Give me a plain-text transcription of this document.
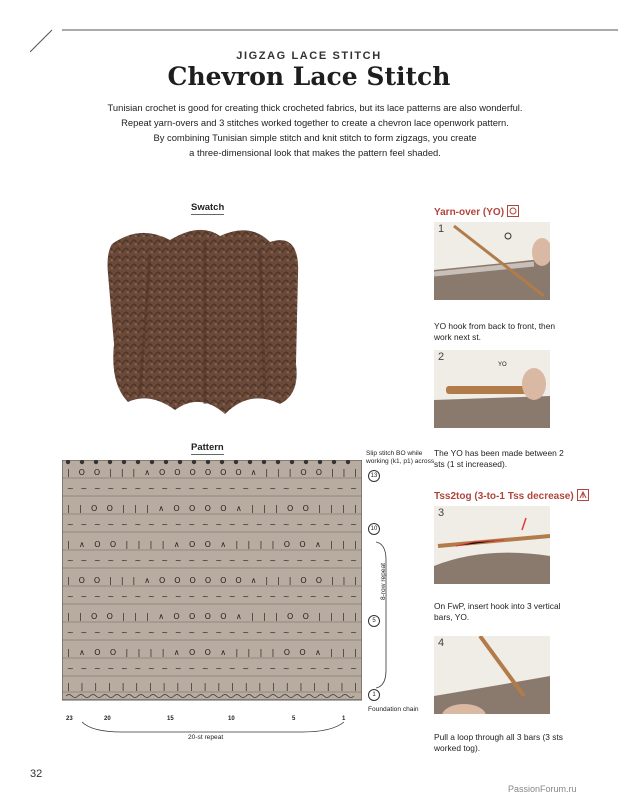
JIGZAG LACE STITCH
Chevron Lace Stitch

Tunisian crochet is good for creating thick crocheted fabrics, but its lace patterns are also wonderful.

Repeat yarn-overs and 3 stitches worked together to create a chevron lace openwork pattern.

By combining Tunisian simple stitch and knit stitch to form zigzags, you create

a three-dimensional look that makes the pattern feel shaded.

Swatch
Pattern
| O O | | | ∧ O O O O O O ∧ | | | O O | | |
~ ~ ~ ~ ~ ~ ~ ~ ~ ~ ~ ~ ~ ~ ~ ~ ~ ~ ~ ~ ~ ~
| | O O | | | ∧ O O O O ∧ | | | O O | | | |
~ ~ ~ ~ ~ ~ ~ ~ ~ ~ ~ ~ ~ ~ ~ ~ ~ ~ ~ ~ ~ ~
| ∧ O O | | | | ∧ O O ∧ | | | | O O ∧ | | |
~ ~ ~ ~ ~ ~ ~ ~ ~ ~ ~ ~ ~ ~ ~ ~ ~ ~ ~ ~ ~ ~
| O O | | | ∧ O O O O O O ∧ | | | O O | | |
~ ~ ~ ~ ~ ~ ~ ~ ~ ~ ~ ~ ~ ~ ~ ~ ~ ~ ~ ~ ~ ~
| | O O | | | ∧ O O O O ∧ | | | O O | | | |
~ ~ ~ ~ ~ ~ ~ ~ ~ ~ ~ ~ ~ ~ ~ ~ ~ ~ ~ ~ ~ ~
| ∧ O O | | | | ∧ O O ∧ | | | | O O ∧ | | |
~ ~ ~ ~ ~ ~ ~ ~ ~ ~ ~ ~ ~ ~ ~ ~ ~ ~ ~ ~ ~ ~
| | | | | | | | | | | | | | | | | | | | | |
Slip stitch BO while working (k1, p1) across
13
10
5
1
8-row repeat
Foundation chain
23	20	15	10	5	1
20-st repeat
Yarn-over (YO)
1
YO hook from back to front, then work next st.
2
YO
The YO has been made between 2 sts (1 st increased).
Tss2tog (3-to-1 Tss decrease)
3
On FwP, insert hook into 3 vertical bars, YO.
4
Pull a loop through all 3 bars (3 sts worked tog).
32
PassionForum.ru
